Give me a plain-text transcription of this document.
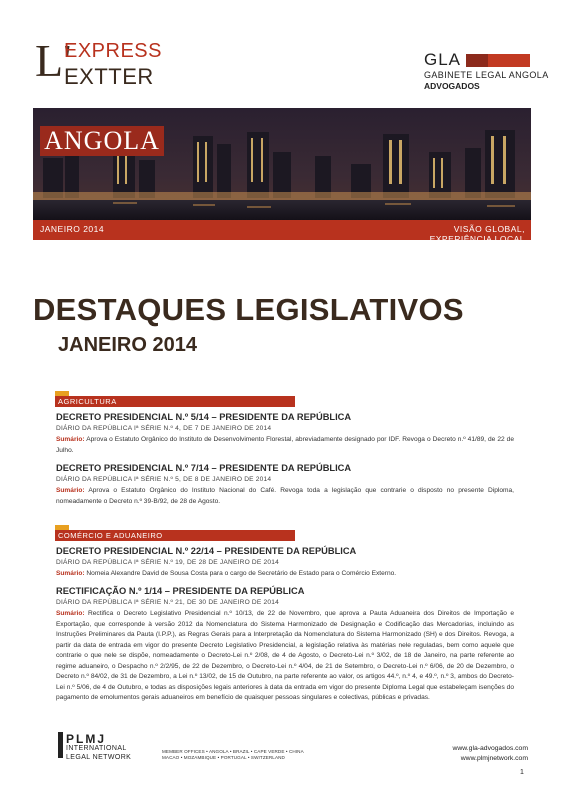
L'
EXPRESS
EXTTER
GLA
GABINETE LEGAL ANGOLA
ADVOGADOS
ANGOLA
JANEIRO 2014	VISÃO GLOBAL, EXPERIÊNCIA LOCAL
DESTAQUES LEGISLATIVOS
JANEIRO 2014
AGRICULTURA
DECRETO PRESIDENCIAL N.º 5/14 – PRESIDENTE DA REPÚBLICA
DIÁRIO DA REPÚBLICA Iª SÉRIE N.º 4, DE 7 DE JANEIRO DE 2014
Sumário: Aprova o Estatuto Orgânico do Instituto de Desenvolvimento Florestal, abreviadamente designado por IDF. Revoga o Decreto n.º 41/89, de 22 de Julho.
DECRETO PRESIDENCIAL N.º 7/14 – PRESIDENTE DA REPÚBLICA
DIÁRIO DA REPÚBLICA Iª SÉRIE N.º 5, DE 8 DE JANEIRO DE 2014
Sumário: Aprova o Estatuto Orgânico do Instituto Nacional do Café. Revoga toda a legislação que contrarie o disposto no presente Diploma, nomeadamente o Decreto n.º 39-B/92, de 28 de Agosto.
COMÉRCIO E ADUANEIRO
DECRETO PRESIDENCIAL N.º 22/14 – PRESIDENTE DA REPÚBLICA
DIÁRIO DA REPÚBLICA Iª SÉRIE N.º 19, DE 28 DE JANEIRO DE 2014
Sumário: Nomeia Alexandre David de Sousa Costa para o cargo de Secretário de Estado para o Comércio Externo.
RECTIFICAÇÃO N.º 1/14 – PRESIDENTE DA REPÚBLICA
DIÁRIO DA REPÚBLICA Iª SÉRIE N.º 21, DE 30 DE JANEIRO DE 2014
Sumário: Rectifica o Decreto Legislativo Presidencial n.º 10/13, de 22 de Novembro, que aprova a Pauta Aduaneira dos Direitos de Importação e Exportação, que corresponde à versão 2012 da Nomenclatura do Sistema Harmonizado de Designação e Codificação das Mercadorias, incluindo as Instruções Preliminares da Pauta (I.P.P.), as Regras Gerais para a Interpretação da Nomenclatura do Sistema Harmonizado (SH) e dos Direitos. Revoga, a partir da data de entrada em vigor do presente Decreto Legislativo Presidencial, a legislação relativa às matérias nele reguladas, bem como aquele que contrarie o que nele se dispõe, nomeadamente o Decreto-Lei n.º 2/08, de 4 de Agosto, o Decreto-Lei n.º 3/02, de 18 de Janeiro, na parte referente ao regime aduaneiro, o Despacho n.º 2/2/95, de 22 de Dezembro, o Decreto-Lei n.º 4/04, de 21 de Setembro, o Decreto-Lei n.º 6/06, de 20 de Dezembro, o Decreto n.º 84/02, de 31 de Dezembro, a Lei n.º 13/02, de 15 de Outubro, na parte referente ao valor, os artigos 44.º, n.º 4, e 49.º, n.º 3, ambos do Decreto-Lei n.º 5/06, de 4 de Outubro, e todas as disposições legais anteriores à data da entrada em vigor do presente Diploma Legal que estabeleçam isenções do pagamento de emolumentos gerais aduaneiros em benefício de quaisquer pessoas singulares e colectivas, públicas e privadas.
PLMJ
INTERNATIONAL
LEGAL NETWORK
MEMBER OFFICES • ANGOLA • BRAZIL • CAPE VERDE • CHINA
MACAO • MOZAMBIQUE • PORTUGAL • SWITZERLAND
www.gla-advogados.com
www.plmjnetwork.com
1
